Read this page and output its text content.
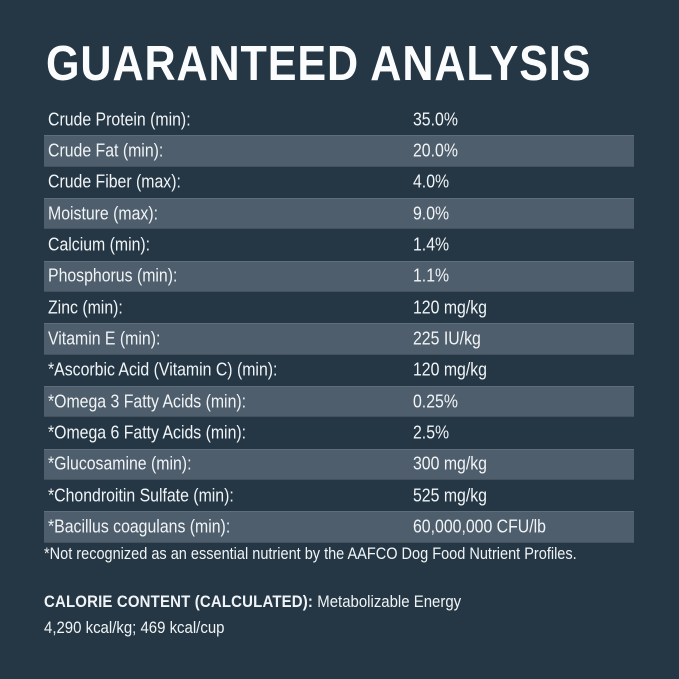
GUARANTEED ANALYSIS
Crude Protein (min):	35.0%
Crude Fat (min):	20.0%
Crude Fiber (max):	4.0%
Moisture (max):	9.0%
Calcium (min):	1.4%
Phosphorus (min):	1.1%
Zinc (min):	120 mg/kg
Vitamin E (min):	225 IU/kg
*Ascorbic Acid (Vitamin C) (min):	120 mg/kg
*Omega 3 Fatty Acids (min):	0.25%
*Omega 6 Fatty Acids (min):	2.5%
*Glucosamine (min):	300 mg/kg
*Chondroitin Sulfate (min):	525 mg/kg
*Bacillus coagulans (min):	60,000,000 CFU/lb
*Not recognized as an essential nutrient by the AAFCO Dog Food Nutrient Profiles.
CALORIE CONTENT (CALCULATED): Metabolizable Energy
4,290 kcal/kg; 469 kcal/cup
